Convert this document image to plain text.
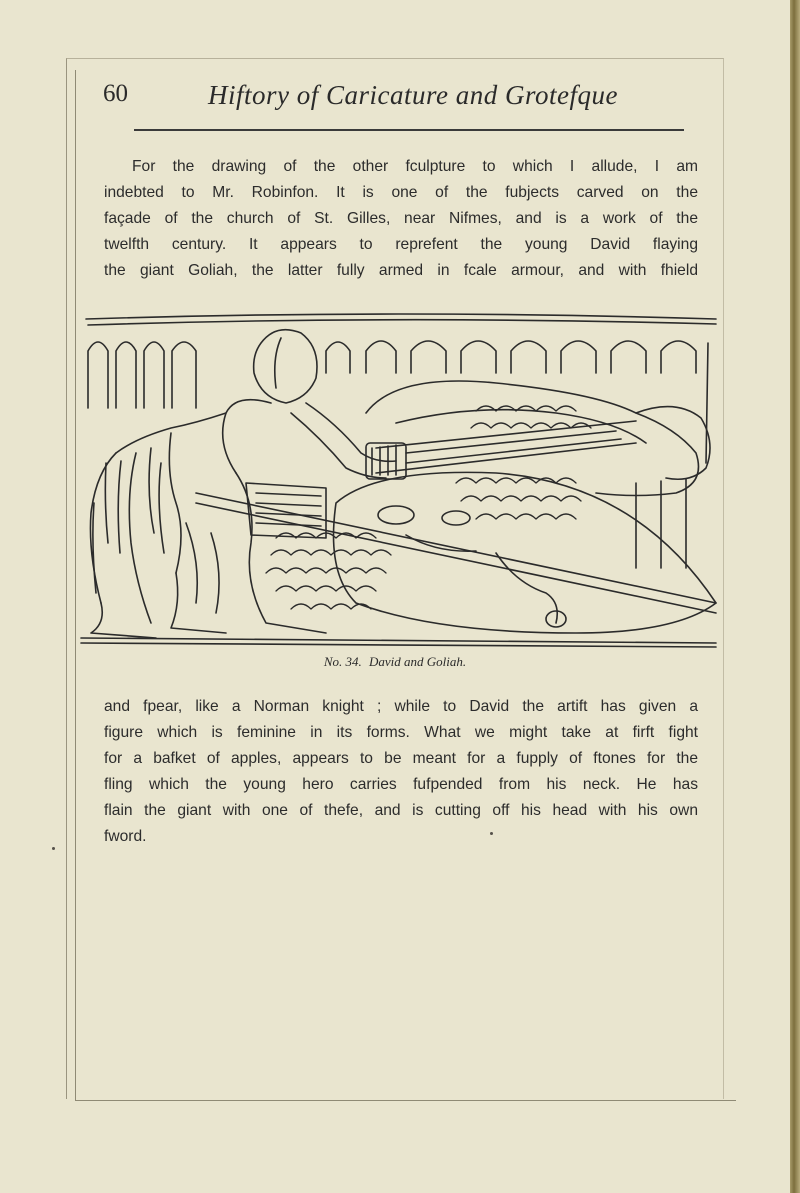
60	Hiftory of Caricature and Grotefque
For the drawing of the other fculpture to which I allude, I am
indebted to Mr. Robinfon. It is one of the fubjects carved on the
façade of the church of St. Gilles, near Nifmes, and is a work of the
twelfth century. It appears to reprefent the young David flaying
the giant Goliah, the latter fully armed in fcale armour, and with fhield
No. 34. David and Goliah.
and fpear, like a Norman knight ; while to David the artift has given a
figure which is feminine in its forms. What we might take at firft fight
for a bafket of apples, appears to be meant for a fupply of ftones for the
fling which the young hero carries fufpended from his neck. He has
flain the giant with one of thefe, and is cutting off his head with his own
fword.
